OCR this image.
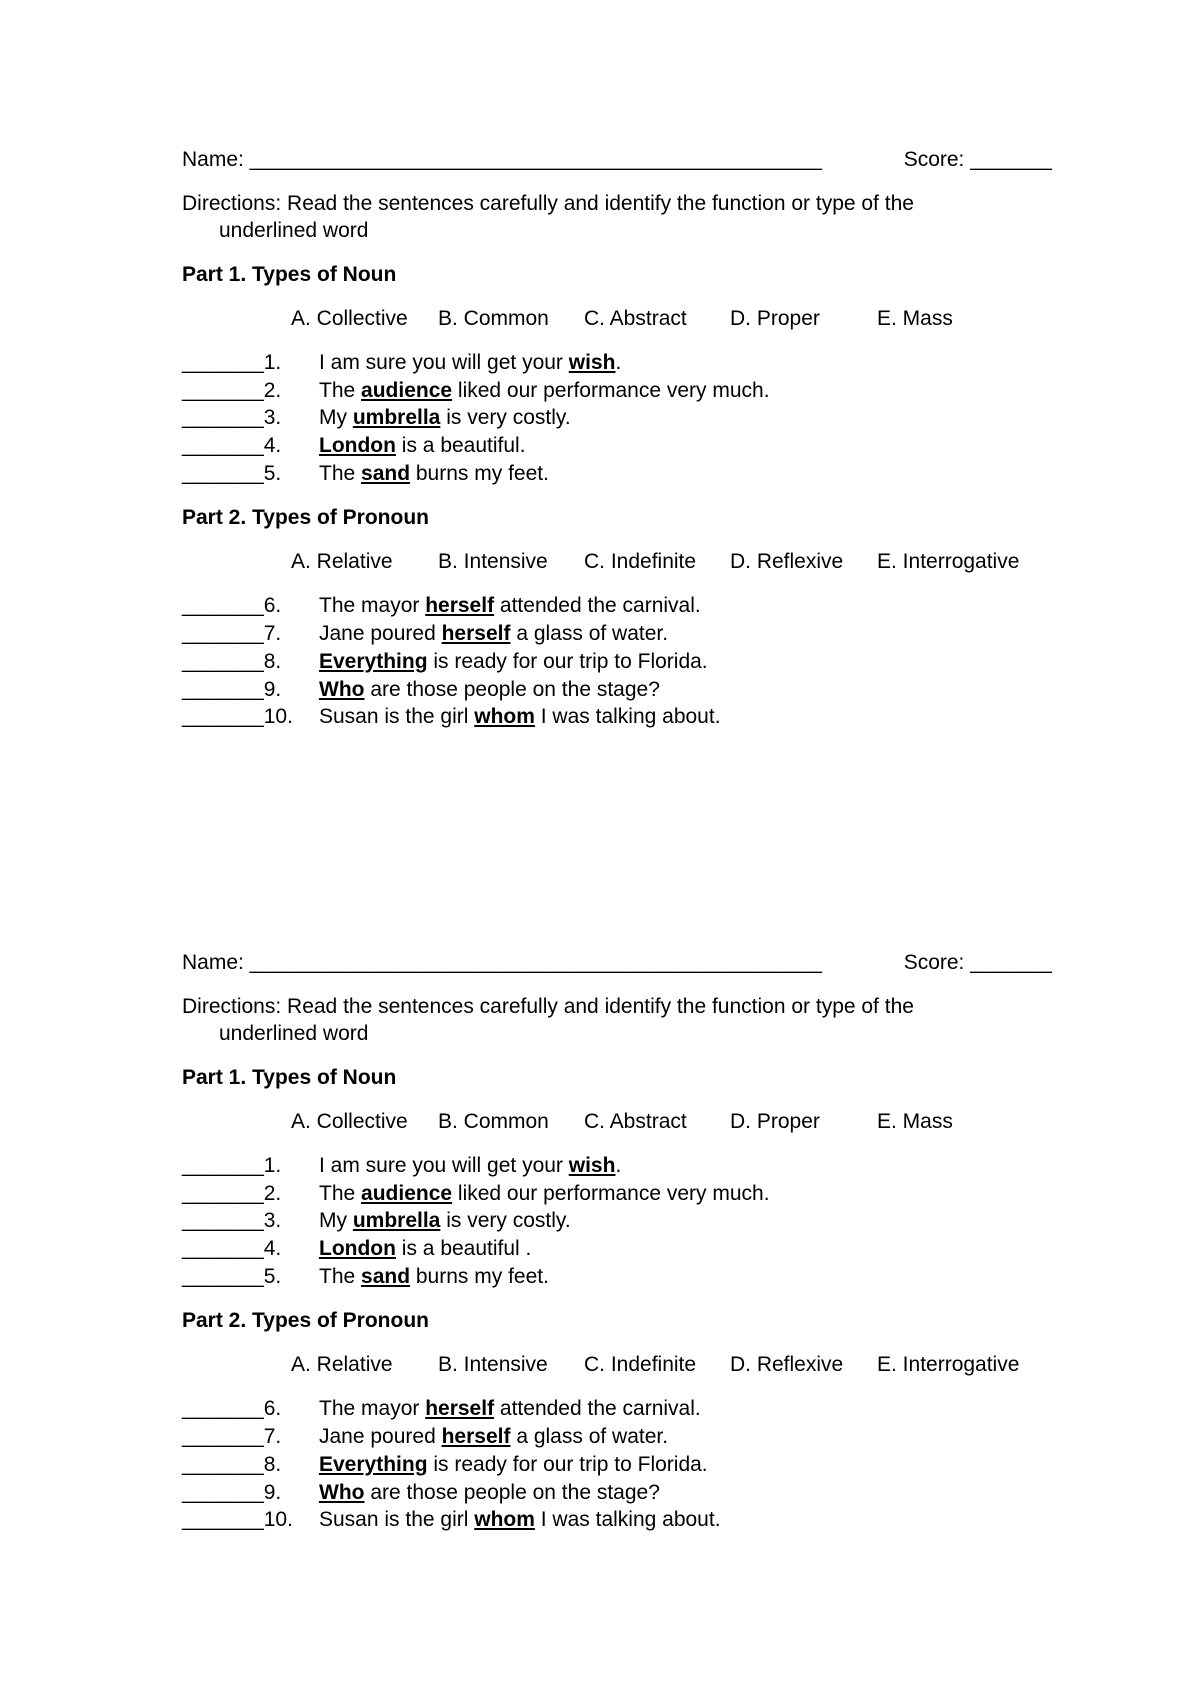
Name: _________________________________________________	Score: _______
Directions: Read the sentences carefully and identify the function or type of the
underlined word
Part 1. Types of Noun
A. Collective B. Common C. Abstract D. Proper	E. Mass
_______1. I am sure you will get your wish.
_______2. The audience liked our performance very much.
_______3. My umbrella is very costly.
_______4. London is a beautiful.
_______5. The sand burns my feet.
Part 2. Types of Pronoun
A. Relative B. Intensive C. Indefinite D. Reflexive E. Interrogative
_______6. The mayor herself attended the carnival.
_______7. Jane poured herself a glass of water.
_______8. Everything is ready for our trip to Florida.
_______9. Who are those people on the stage?
_______10. Susan is the girl whom I was talking about.
Name: _________________________________________________	Score: _______
Directions: Read the sentences carefully and identify the function or type of the
underlined word
Part 1. Types of Noun
A. Collective B. Common C. Abstract D. Proper	E. Mass
_______1. I am sure you will get your wish.
_______2. The audience liked our performance very much.
_______3. My umbrella is very costly.
_______4. London is a beautiful .
_______5. The sand burns my feet.
Part 2. Types of Pronoun
A. Relative B. Intensive C. Indefinite D. Reflexive E. Interrogative
_______6. The mayor herself attended the carnival.
_______7. Jane poured herself a glass of water.
_______8. Everything is ready for our trip to Florida.
_______9. Who are those people on the stage?
_______10. Susan is the girl whom I was talking about.
